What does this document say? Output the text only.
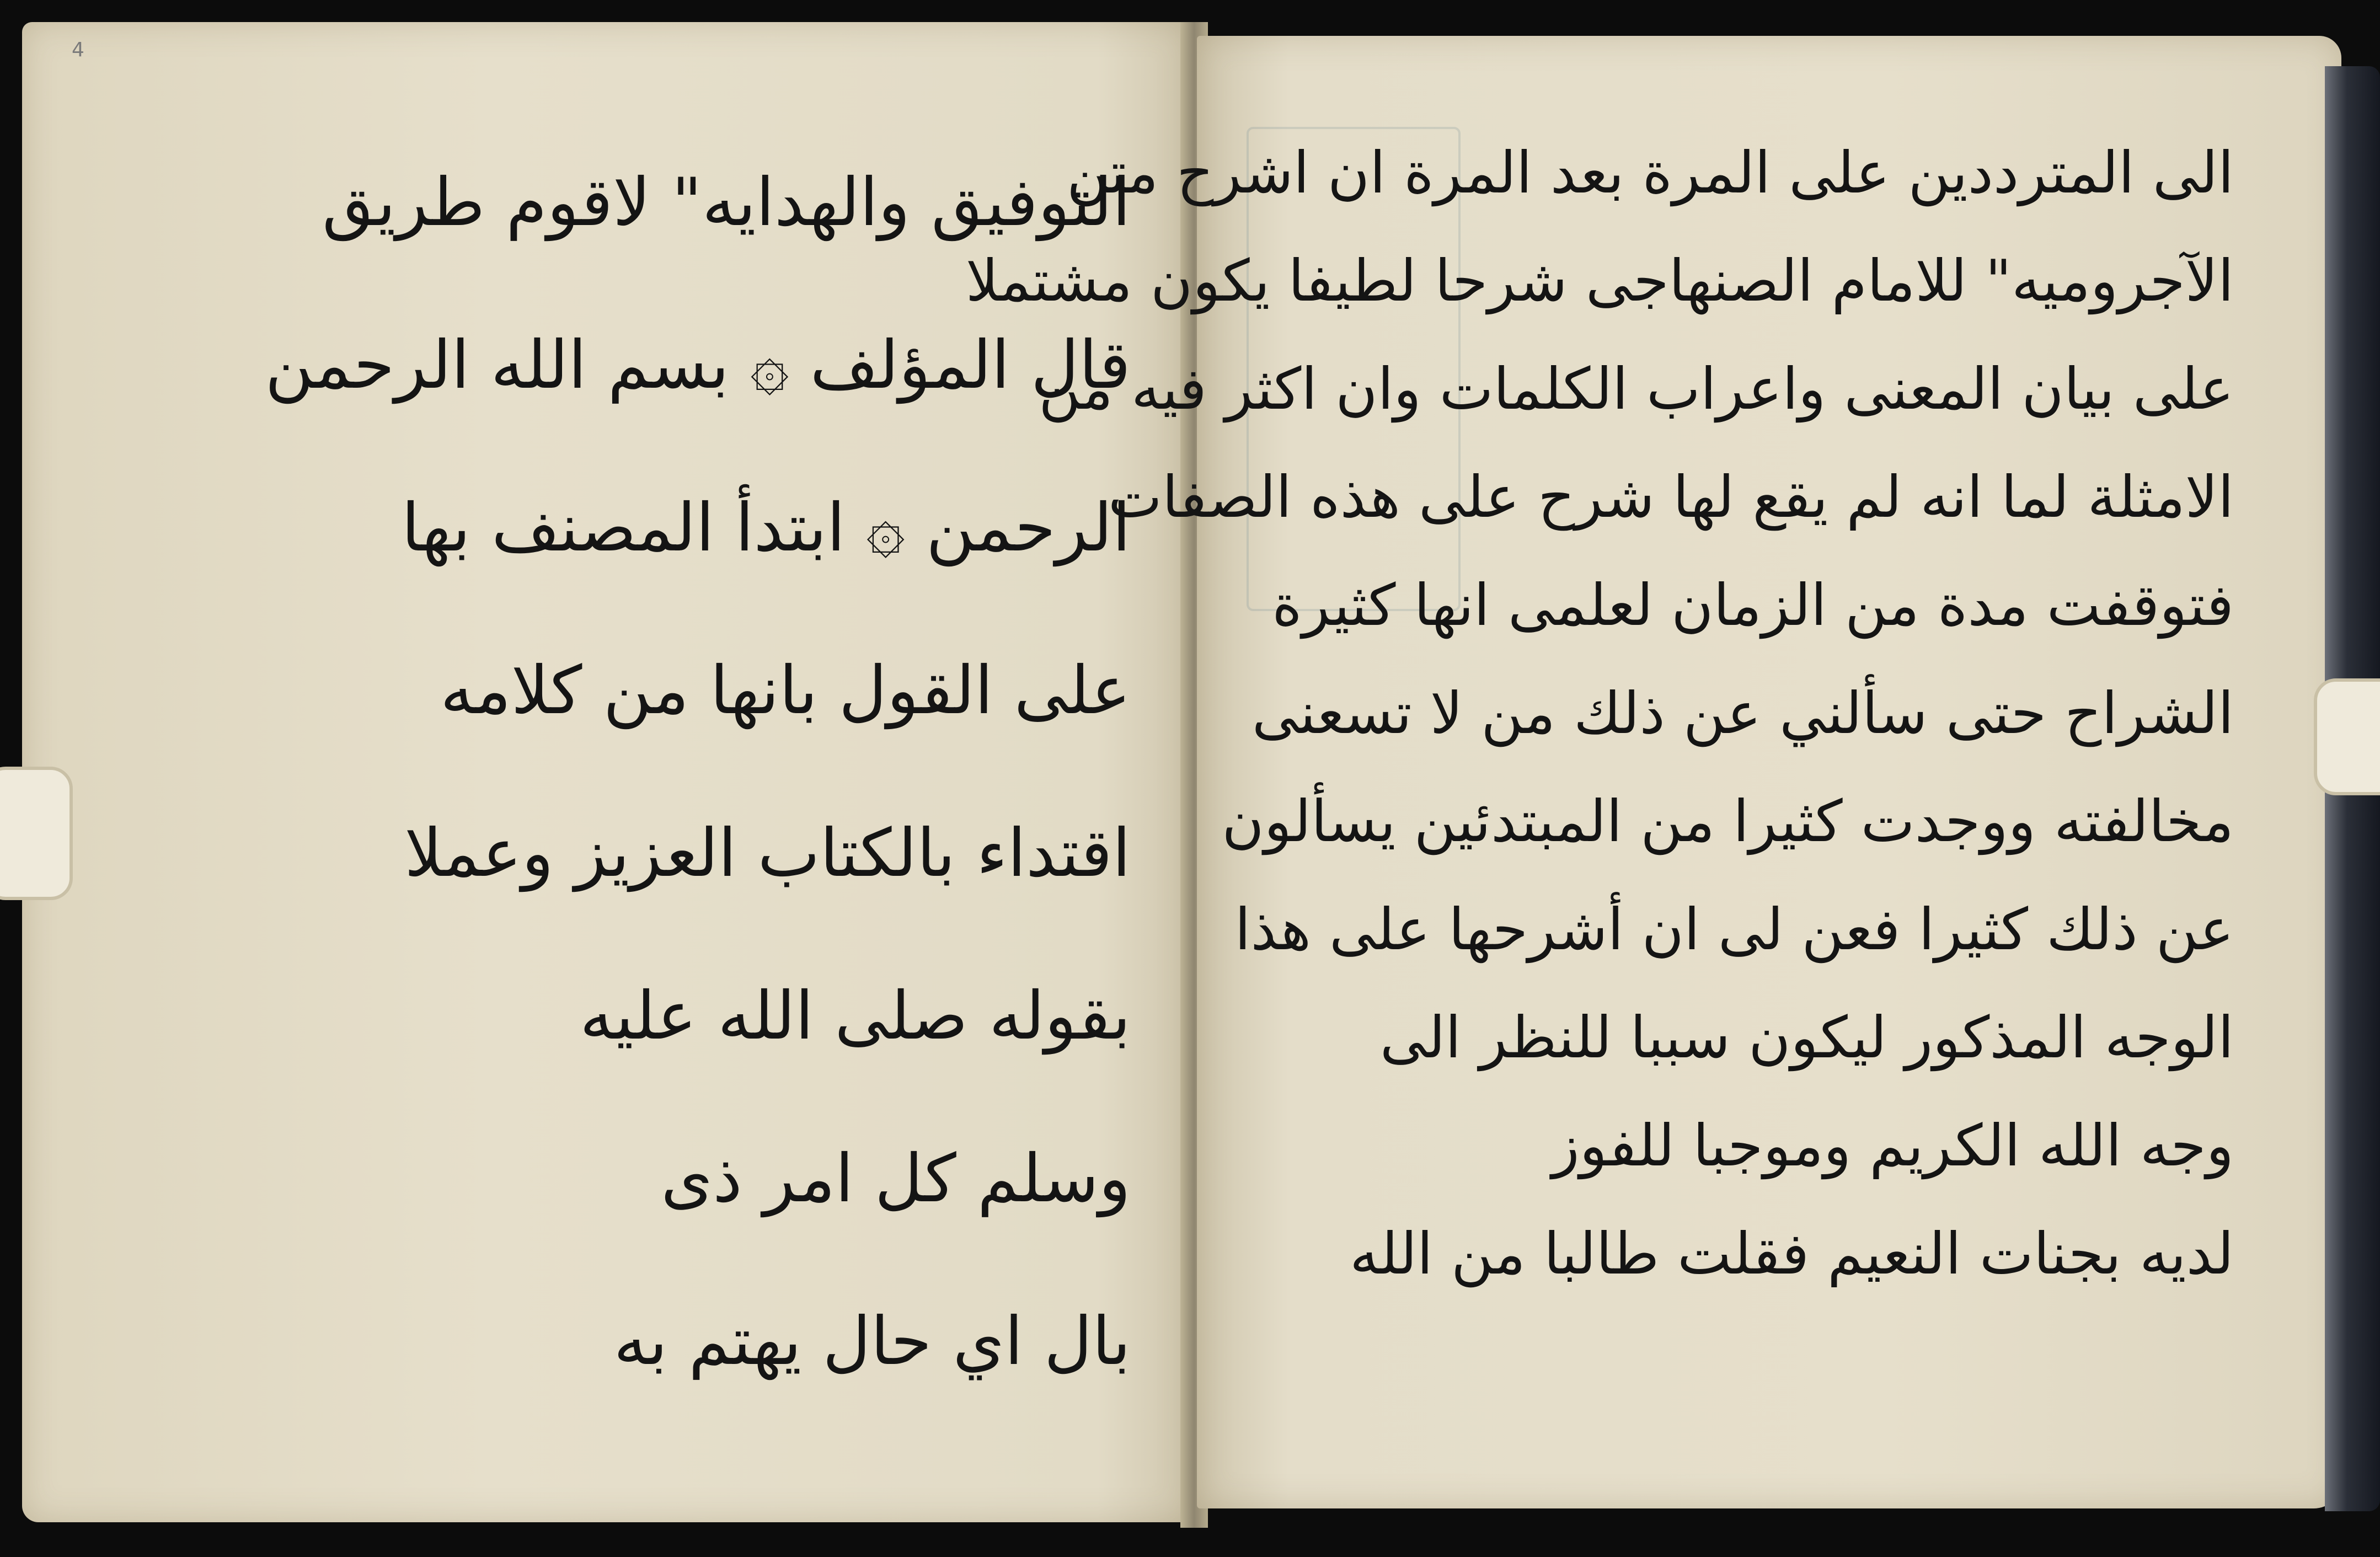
4

التوفيق والهدايه" لاقوم طريق

قال المؤلف ۞ بسم الله الرحمن

الرحمن ۞ ابتدأ المصنف بها

على القول بانها من كلامه

اقتداء بالكتاب العزيز وعملا

بقوله صلى الله عليه

وسلم كل امر ذى

بال اي حال يهتم به

الى المترددين على المرة بعد المرة ان اشرح متن

الآجروميه" للامام الصنهاجى شرحا لطيفا يكون مشتملا

على بيان المعنى واعراب الكلمات وان اكثر فيه من

الامثلة لما انه لم يقع لها شرح على هذه الصفات

فتوقفت مدة من الزمان لعلمى انها كثيرة

الشراح حتى سألني عن ذلك من لا تسعنى

مخالفته ووجدت كثيرا من المبتدئين يسألون

عن ذلك كثيرا فعن لى ان أشرحها على هذا

الوجه المذكور ليكون سببا للنظر الى

وجه الله الكريم وموجبا للفوز

لديه بجنات النعيم فقلت طالبا من الله
